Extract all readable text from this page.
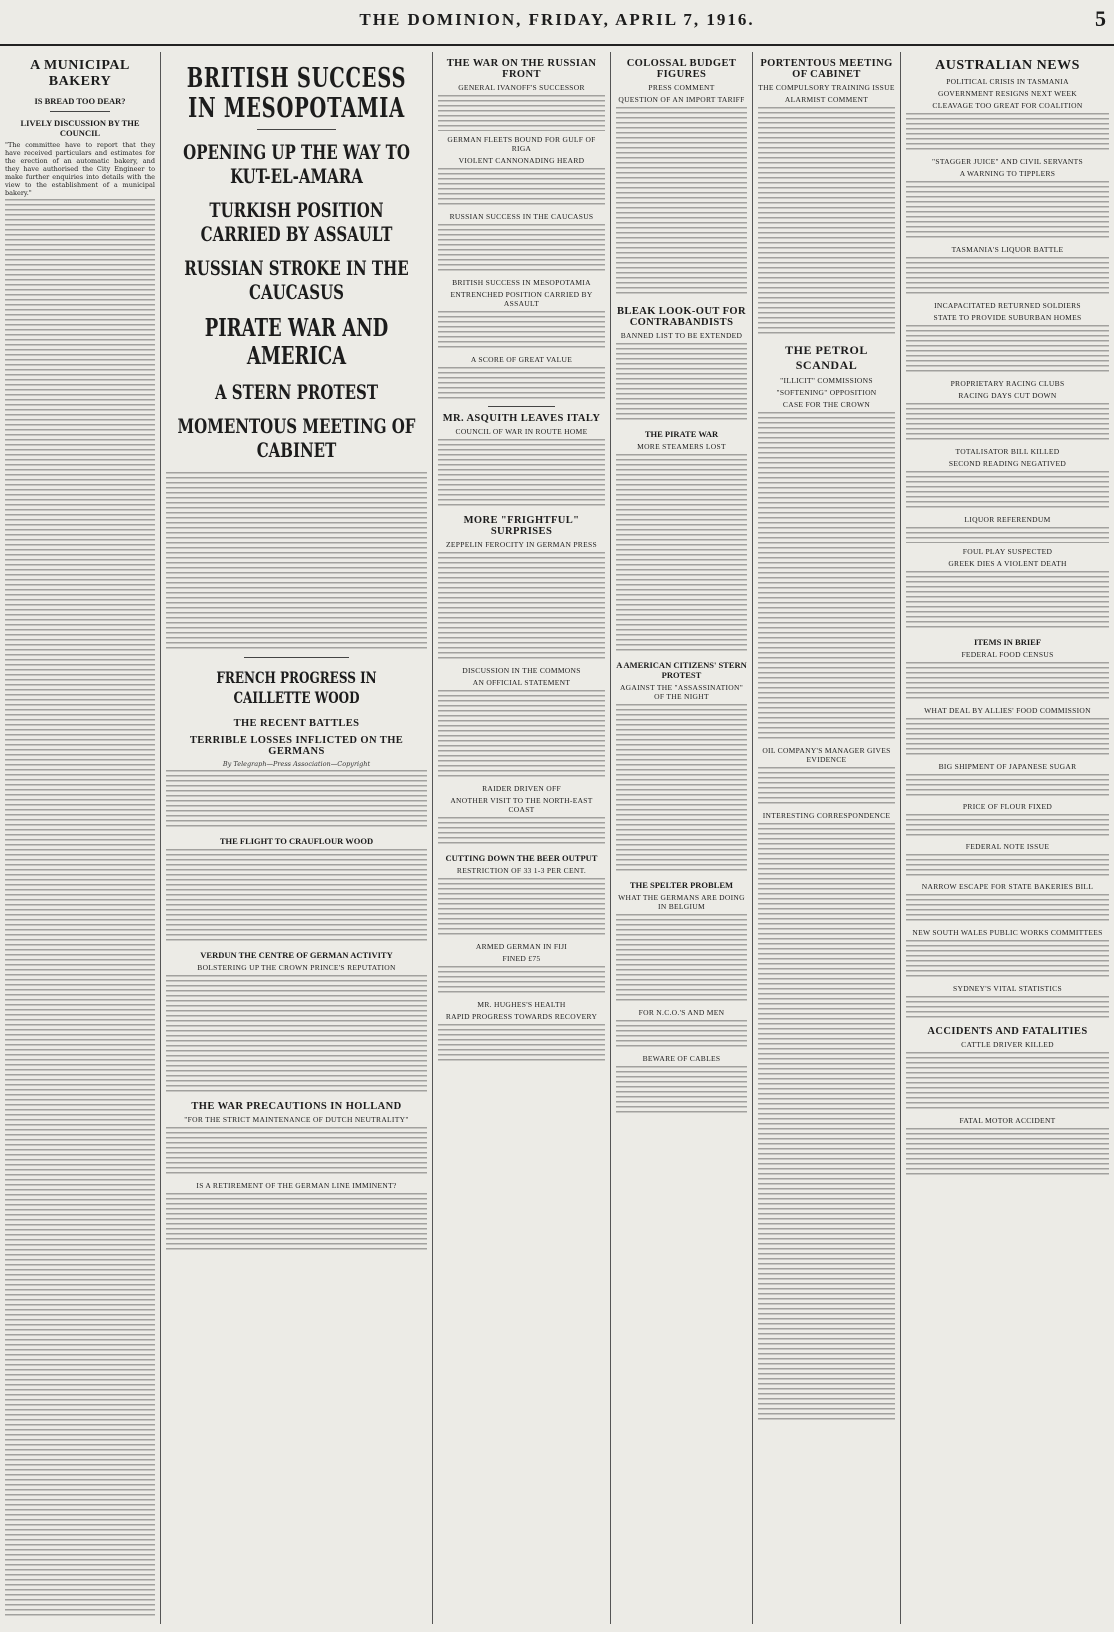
THE DOMINION, FRIDAY, APRIL 7, 1916.	5
A MUNICIPAL BAKERY
IS BREAD TOO DEAR?
LIVELY DISCUSSION BY THE COUNCIL
"The committee have to report that they have received particulars and estimates for the erection of an automatic bakery, and they have authorised the City Engineer to make further enquiries into details with the view to the establishment of a municipal bakery."
BRITISH SUCCESS IN MESOPOTAMIA
OPENING UP THE WAY TO KUT-EL-AMARA
TURKISH POSITION CARRIED BY ASSAULT
RUSSIAN STROKE IN THE CAUCASUS
PIRATE WAR AND AMERICA
A STERN PROTEST
MOMENTOUS MEETING OF CABINET
FRENCH PROGRESS IN CAILLETTE WOOD
THE RECENT BATTLES
TERRIBLE LOSSES INFLICTED ON THE GERMANS
By Telegraph—Press Association—Copyright
THE FLIGHT TO CRAUFLOUR WOOD
VERDUN THE CENTRE OF GERMAN ACTIVITY
BOLSTERING UP THE CROWN PRINCE'S REPUTATION
THE WAR PRECAUTIONS IN HOLLAND
"FOR THE STRICT MAINTENANCE OF DUTCH NEUTRALITY"
IS A RETIREMENT OF THE GERMAN LINE IMMINENT?
THE WAR ON THE RUSSIAN FRONT
GENERAL IVANOFF'S SUCCESSOR
GERMAN FLEETS BOUND FOR GULF OF RIGA
VIOLENT CANNONADING HEARD
RUSSIAN SUCCESS IN THE CAUCASUS
BRITISH SUCCESS IN MESOPOTAMIA
ENTRENCHED POSITION CARRIED BY ASSAULT
A SCORE OF GREAT VALUE
MR. ASQUITH LEAVES ITALY
COUNCIL OF WAR IN ROUTE HOME
MORE "FRIGHTFUL" SURPRISES
ZEPPELIN FEROCITY IN GERMAN PRESS
DISCUSSION IN THE COMMONS
AN OFFICIAL STATEMENT
RAIDER DRIVEN OFF
ANOTHER VISIT TO THE NORTH-EAST COAST
CUTTING DOWN THE BEER OUTPUT
RESTRICTION OF 33 1-3 PER CENT.
ARMED GERMAN IN FIJI
FINED £75
MR. HUGHES'S HEALTH
RAPID PROGRESS TOWARDS RECOVERY
BLEAK LOOK-OUT FOR CONTRABANDISTS
BANNED LIST TO BE EXTENDED
THE PIRATE WAR
MORE STEAMERS LOST
A AMERICAN CITIZENS' STERN PROTEST
AGAINST THE "ASSASSINATION" OF THE NIGHT
THE SPELTER PROBLEM
WHAT THE GERMANS ARE DOING IN BELGIUM
FOR N.C.O.'S AND MEN
BEWARE OF CABLES
COLOSSAL BUDGET FIGURES
PRESS COMMENT
QUESTION OF AN IMPORT TARIFF
PORTENTOUS MEETING OF CABINET
THE COMPULSORY TRAINING ISSUE
ALARMIST COMMENT
THE PETROL SCANDAL
"ILLICIT" COMMISSIONS
"SOFTENING" OPPOSITION
CASE FOR THE CROWN
OIL COMPANY'S MANAGER GIVES EVIDENCE
INTERESTING CORRESPONDENCE
AUSTRALIAN NEWS
POLITICAL CRISIS IN TASMANIA
GOVERNMENT RESIGNS NEXT WEEK
CLEAVAGE TOO GREAT FOR COALITION
"STAGGER JUICE" AND CIVIL SERVANTS
A WARNING TO TIPPLERS
TASMANIA'S LIQUOR BATTLE
INCAPACITATED RETURNED SOLDIERS
STATE TO PROVIDE SUBURBAN HOMES
PROPRIETARY RACING CLUBS
RACING DAYS CUT DOWN
TOTALISATOR BILL KILLED
SECOND READING NEGATIVED
LIQUOR REFERENDUM
FOUL PLAY SUSPECTED
GREEK DIES A VIOLENT DEATH
ITEMS IN BRIEF
FEDERAL FOOD CENSUS
WHAT DEAL BY ALLIES' FOOD COMMISSION
BIG SHIPMENT OF JAPANESE SUGAR
PRICE OF FLOUR FIXED
FEDERAL NOTE ISSUE
NARROW ESCAPE FOR STATE BAKERIES BILL
NEW SOUTH WALES PUBLIC WORKS COMMITTEES
SYDNEY'S VITAL STATISTICS
ACCIDENTS AND FATALITIES
CATTLE DRIVER KILLED
FATAL MOTOR ACCIDENT
